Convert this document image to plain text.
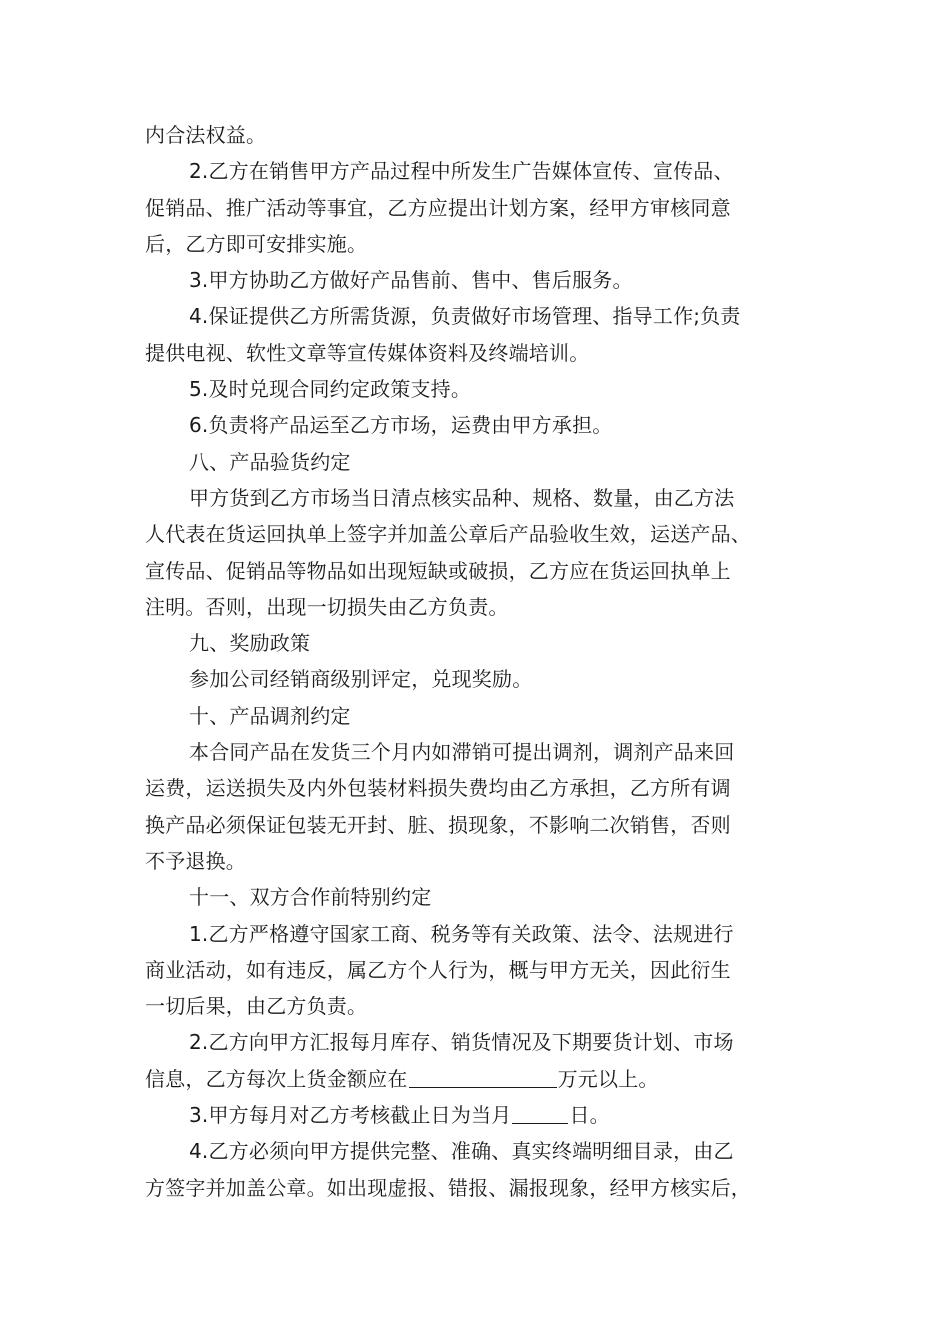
内合法权益。
2.乙方在销售甲方产品过程中所发生广告媒体宣传、宣传品、
促销品、推广活动等事宜，乙方应提出计划方案，经甲方审核同意
后，乙方即可安排实施。
3.甲方协助乙方做好产品售前、售中、售后服务。
4.保证提供乙方所需货源，负责做好市场管理、指导工作;负责
提供电视、软性文章等宣传媒体资料及终端培训。
5.及时兑现合同约定政策支持。
6.负责将产品运至乙方市场，运费由甲方承担。
八、产品验货约定
甲方货到乙方市场当日清点核实品种、规格、数量，由乙方法
人代表在货运回执单上签字并加盖公章后产品验收生效，运送产品、
宣传品、促销品等物品如出现短缺或破损，乙方应在货运回执单上
注明。否则，出现一切损失由乙方负责。
九、奖励政策
参加公司经销商级别评定，兑现奖励。
十、产品调剂约定
本合同产品在发货三个月内如滞销可提出调剂，调剂产品来回
运费，运送损失及内外包装材料损失费均由乙方承担，乙方所有调
换产品必须保证包装无开封、脏、损现象，不影响二次销售，否则
不予退换。
十一、双方合作前特别约定
1.乙方严格遵守国家工商、税务等有关政策、法令、法规进行
商业活动，如有违反，属乙方个人行为，概与甲方无关，因此衍生
一切后果，由乙方负责。
2.乙方向甲方汇报每月库存、销货情况及下期要货计划、市场
信息，乙方每次上货金额应在	万元以上。
3.甲方每月对乙方考核截止日为当月	日。
4.乙方必须向甲方提供完整、准确、真实终端明细目录，由乙
方签字并加盖公章。如出现虚报、错报、漏报现象，经甲方核实后，
